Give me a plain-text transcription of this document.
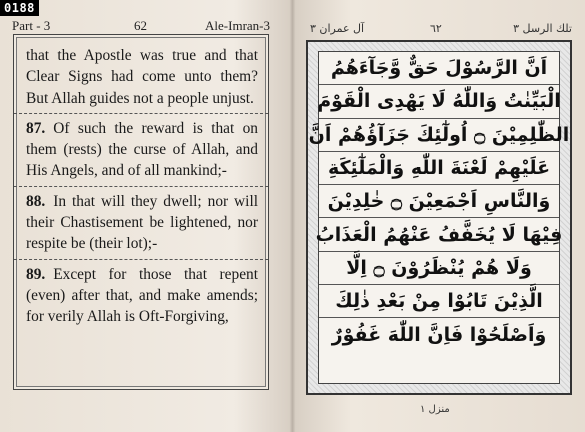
0188
Part - 3	62	Ale-Imran-3

that the Apostle was true and that Clear Signs had come unto them? But Allah guides not a people unjust.

87. Of such the reward is that on them (rests) the curse of Allah, and His Angels, and of all mankind;-

88. In that will they dwell; nor will their Chastisement be lightened, nor respite be (their lot);-

89. Except for those that repent (even) after that, and make amends; for verily Allah is Oft-Forgiving,

تلك الرسل ٣
٦٢
آل عمران ٣
اَنَّ الرَّسُوْلَ حَقٌّ وَّجَآءَهُمُ
الْبَيِّنٰتُ وَاللّٰهُ لَا يَهْدِى الْقَوْمَ
الظّٰلِمِيْنَ ۝ اُولٰٓئِكَ جَزَآؤُهُمْ اَنَّ
عَلَيْهِمْ لَعْنَةَ اللّٰهِ وَالْمَلٰٓئِكَةِ
وَالنَّاسِ اَجْمَعِيْنَ ۝ خٰلِدِيْنَ
فِيْهَا لَا يُخَفَّفُ عَنْهُمُ الْعَذَابُ
وَلَا هُمْ يُنْظَرُوْنَ ۝ اِلَّا
الَّذِيْنَ تَابُوْا مِنْ بَعْدِ ذٰلِكَ
وَاَصْلَحُوْا فَاِنَّ اللّٰهَ غَفُوْرٌ
منزل ١
